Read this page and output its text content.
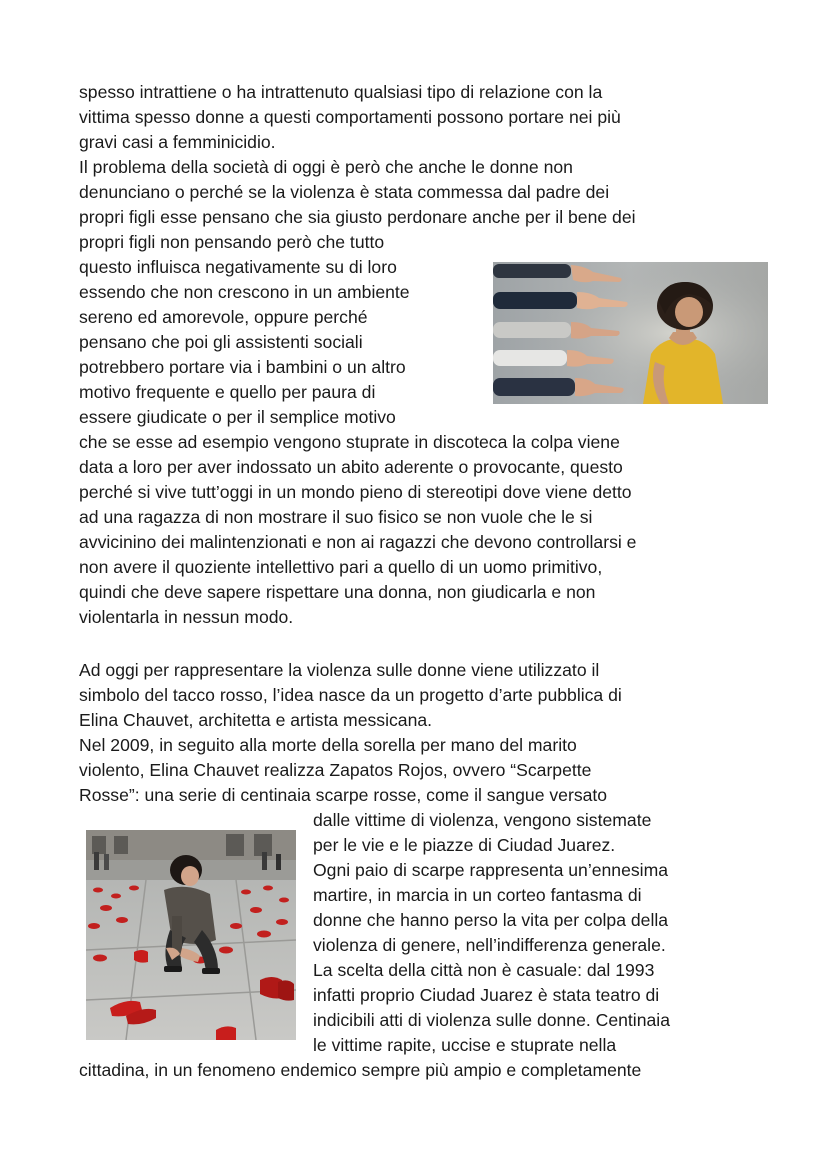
spesso intrattiene o ha intrattenuto qualsiasi tipo di relazione con la
vittima spesso donne a questi comportamenti possono portare nei più
gravi casi a femminicidio.
Il problema della società di oggi è però che anche le donne non
denunciano o perché se la violenza è stata commessa dal padre dei
propri figli esse pensano che sia giusto perdonare anche per il bene dei
propri figli non pensando però che tutto
questo influisca negativamente su di loro
essendo che non crescono in un ambiente
sereno ed amorevole, oppure perché
pensano che poi gli assistenti sociali
potrebbero portare via i bambini o un altro
motivo frequente e quello per paura di
essere giudicate o per il semplice motivo
che se esse ad esempio vengono stuprate in discoteca la colpa viene
data a loro per aver indossato un abito aderente o provocante, questo
perché si vive tutt’oggi in un mondo pieno di stereotipi dove viene detto
ad una ragazza di non mostrare il suo fisico se non vuole che le si
avvicinino dei malintenzionati e non ai ragazzi che devono controllarsi e
non avere il quoziente intellettivo pari a quello di un uomo primitivo,
quindi che deve sapere rispettare una donna, non giudicarla e non
violentarla in nessun modo.
Ad oggi per rappresentare la violenza sulle donne viene utilizzato il
simbolo del tacco rosso, l’idea nasce da un progetto d’arte pubblica di
Elina Chauvet, architetta e artista messicana.
Nel 2009, in seguito alla morte della sorella per mano del marito
violento, Elina Chauvet realizza Zapatos Rojos, ovvero “Scarpette
Rosse”: una serie di centinaia scarpe rosse, come il sangue versato
dalle vittime di violenza, vengono sistemate
per le vie e le piazze di Ciudad Juarez.
Ogni paio di scarpe rappresenta un’ennesima
martire, in marcia in un corteo fantasma di
donne che hanno perso la vita per colpa della
violenza di genere, nell’indifferenza generale.
La scelta della città non è casuale: dal 1993
infatti proprio Ciudad Juarez è stata teatro di
indicibili atti di violenza sulle donne. Centinaia
le vittime rapite, uccise e stuprate nella
cittadina, in un fenomeno endemico sempre più ampio e completamente
